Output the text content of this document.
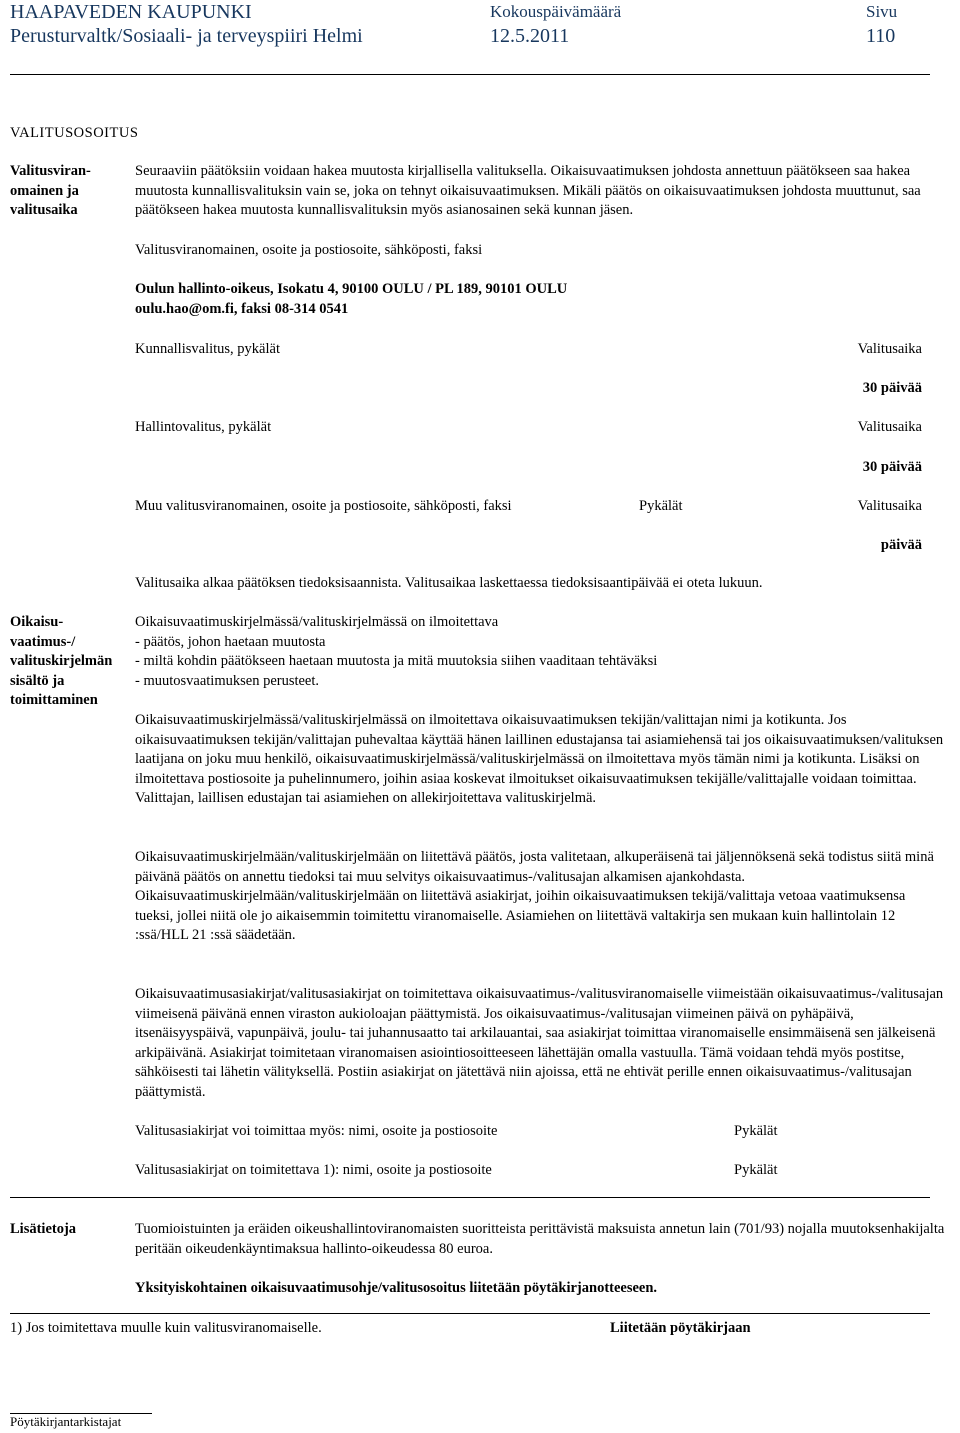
HAAPAVEDEN KAUPUNKI
Perusturvaltk/Sosiaali- ja terveyspiiri Helmi
Kokouspäivämäärä
12.5.2011
Sivu
110
VALITUSOSOITUS
Valitusviran-
omainen ja
valitusaika
Seuraaviin päätöksiin voidaan hakea muutosta kirjallisella valituksella. Oikaisuvaatimuksen johdosta annettuun päätökseen saa hakea muutosta kunnallisvalituksin vain se, joka on tehnyt oikaisuvaatimuksen. Mikäli päätös on oikaisuvaatimuksen johdosta muuttunut, saa päätökseen hakea muutosta kunnallisvalituksin myös asianosainen sekä kunnan jäsen.
Valitusviranomainen, osoite ja postiosoite, sähköposti, faksi
Oulun hallinto-oikeus, Isokatu 4, 90100 OULU / PL 189, 90101 OULU
oulu.hao@om.fi, faksi 08-314 0541
Kunnallisvalitus, pykälät	Valitusaika
30 päivää
Hallintovalitus, pykälät	Valitusaika
30 päivää
Muu valitusviranomainen, osoite ja postiosoite, sähköposti, faksi	Pykälät	Valitusaika
päivää
Valitusaika alkaa päätöksen tiedoksisaannista. Valitusaikaa laskettaessa tiedoksisaantipäivää ei oteta lukuun.
Oikaisu-
vaatimus-/
valituskirjelmän
sisältö ja
toimittaminen
Oikaisuvaatimuskirjelmässä/valituskirjelmässä on ilmoitettava
- päätös, johon haetaan muutosta
- miltä kohdin päätökseen haetaan muutosta ja mitä muutoksia siihen vaaditaan tehtäväksi
- muutosvaatimuksen perusteet.

Oikaisuvaatimuskirjelmässä/valituskirjelmässä on ilmoitettava oikaisuvaatimuksen tekijän/valittajan nimi ja kotikunta. Jos oikaisuvaatimuksen tekijän/valittajan puhevaltaa käyttää hänen laillinen edustajansa tai asiamiehensä tai jos oikaisuvaatimuksen/valituksen laatijana on joku muu henkilö, oikaisuvaatimuskirjelmässä/valituskirjelmässä on ilmoitettava myös tämän nimi ja kotikunta. Lisäksi on ilmoitettava postiosoite ja puhelinnumero, joihin asiaa koskevat ilmoitukset oikaisuvaatimuksen tekijälle/valittajalle voidaan toimittaa.

Valittajan, laillisen edustajan tai asiamiehen on allekirjoitettava valituskirjelmä.

Oikaisuvaatimuskirjelmään/valituskirjelmään on liitettävä päätös, josta valitetaan, alkuperäisenä tai jäljennöksenä sekä todistus siitä minä päivänä päätös on annettu tiedoksi tai muu selvitys oikaisuvaatimus-/valitusajan alkamisen ajankohdasta.

Oikaisuvaatimuskirjelmään/valituskirjelmään on liitettävä asiakirjat, joihin oikaisuvaatimuksen tekijä/valittaja vetoaa vaatimuksensa tueksi, jollei niitä ole jo aikaisemmin toimitettu viranomaiselle. Asiamiehen on liitettävä valtakirja sen mukaan kuin hallintolain 12 :ssä/HLL 21 :ssä säädetään.

Oikaisuvaatimusasiakirjat/valitusasiakirjat on toimitettava oikaisuvaatimus-/valitusviranomaiselle viimeistään oikaisuvaatimus-/valitusajan viimeisenä päivänä ennen viraston aukioloajan päättymistä. Jos oikaisuvaatimus-/valitusajan viimeinen päivä on pyhäpäivä, itsenäisyyspäivä, vapunpäivä, joulu- tai juhannusaatto tai arkilauantai, saa asiakirjat toimittaa viranomaiselle ensimmäisenä sen jälkeisenä arkipäivänä. Asiakirjat toimitetaan viranomaisen asiointiosoitteeseen lähettäjän omalla vastuulla. Tämä voidaan tehdä myös postitse, sähköisesti tai lähetin välityksellä. Postiin asiakirjat on jätettävä niin ajoissa, että ne ehtivät perille ennen oikaisuvaatimus-/valitusajan päättymistä.
Valitusasiakirjat voi toimittaa myös: nimi, osoite ja postiosoite	Pykälät
Valitusasiakirjat on toimitettava 1): nimi, osoite ja postiosoite	Pykälät
Lisätietoja	Tuomioistuinten ja eräiden oikeushallintoviranomaisten suoritteista perittävistä maksuista annetun lain (701/93) nojalla muutoksenhakijalta peritään oikeudenkäyntimaksua hallinto-oikeudessa 80 euroa.
Yksityiskohtainen oikaisuvaatimusohje/valitusosoitus liitetään pöytäkirjanotteeseen.
1) Jos toimitettava muulle kuin valitusviranomaiselle.	Liitetään pöytäkirjaan
Pöytäkirjantarkistajat
